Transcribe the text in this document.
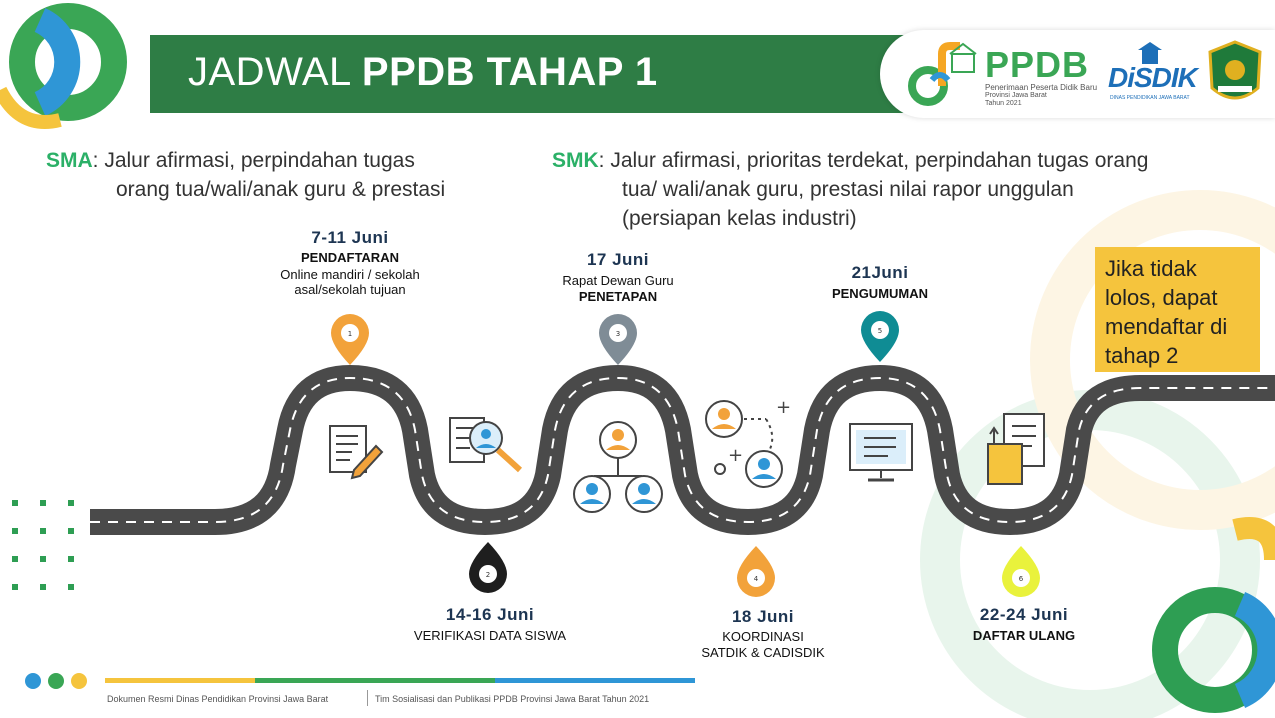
JADWAL PPDB TAHAP 1	PPDB
Penerimaan Peserta Didik Baru
Provinsi Jawa Barat
Tahun 2021
DiSDIK
DINAS PENDIDIKAN JAWA BARAT
SMA: Jalur afirmasi, perpindahan tugas
orang tua/wali/anak guru & prestasi
SMK: Jalur afirmasi, prioritas terdekat, perpindahan tugas orang
tua/ wali/anak guru, prestasi nilai rapor unggulan
(persiapan kelas industri)
+
+
1
2
3
4
5
6
7-11 Juni
PENDAFTARAN
Online mandiri / sekolah
asal/sekolah tujuan
14-16 Juni
VERIFIKASI DATA SISWA
17 Juni
Rapat Dewan Guru
PENETAPAN
18 Juni
KOORDINASI
SATDIK & CADISDIK
21Juni
PENGUMUMAN
22-24 Juni
DAFTAR ULANG
Jika tidak lolos, dapat mendaftar di tahap 2
Dokumen Resmi Dinas Pendidikan Provinsi Jawa Barat	Tim Sosialisasi dan Publikasi PPDB Provinsi Jawa Barat Tahun 2021
